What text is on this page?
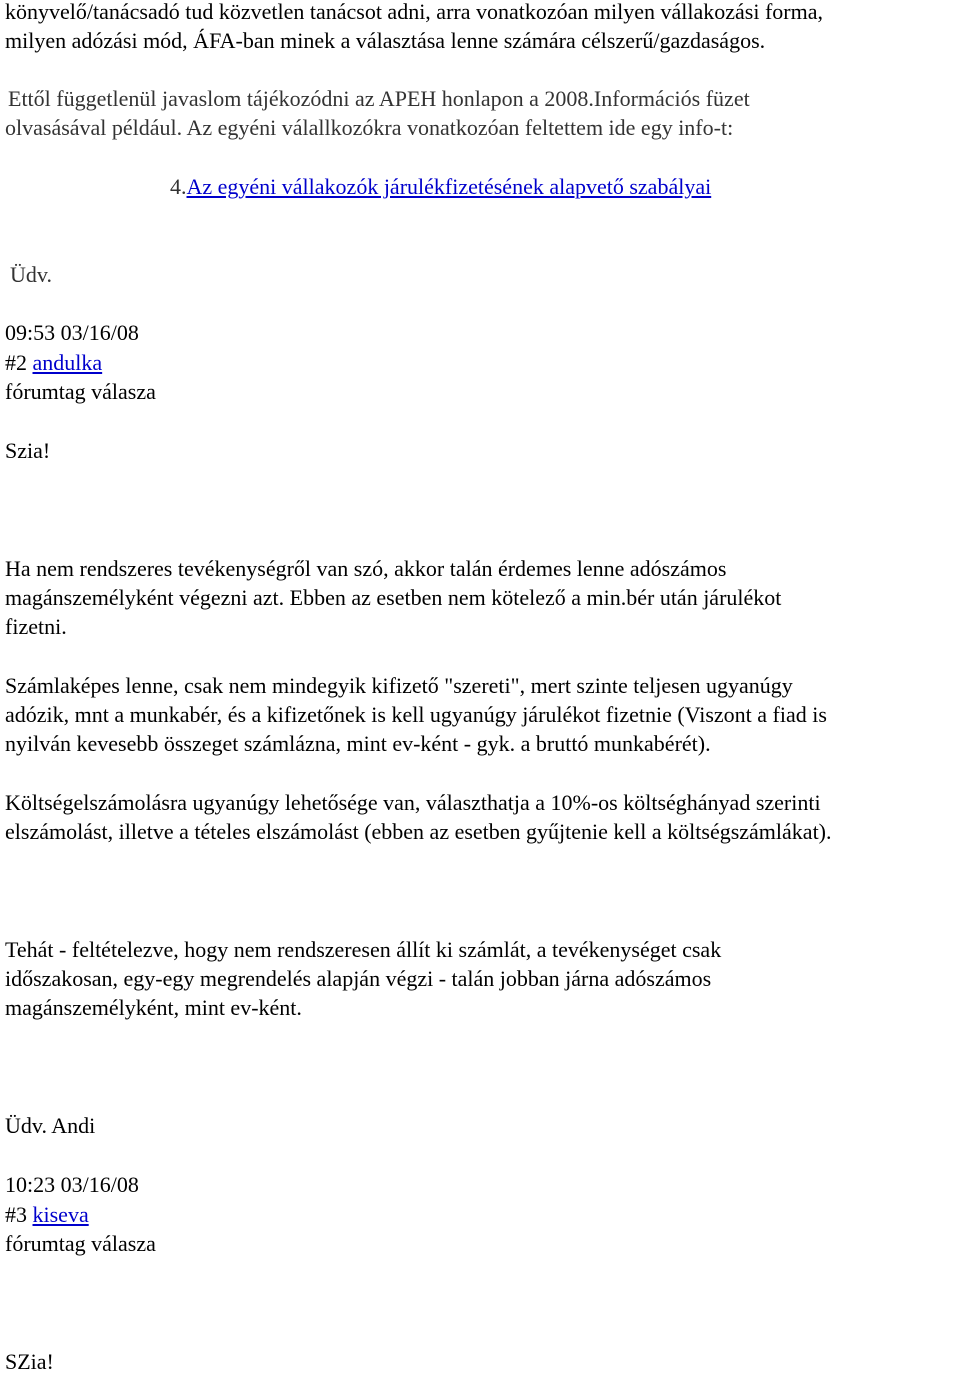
könyvelő/tanácsadó tud közvetlen tanácsot adni, arra vonatkozóan milyen vállakozási forma,
milyen adózási mód, ÁFA-ban minek a választása lenne számára célszerű/gazdaságos.
Ettől függetlenül javaslom tájékozódni az APEH honlapon a 2008.Információs füzet
olvasásával például. Az egyéni válallkozókra vonatkozóan feltettem ide egy info-t:
4.Az egyéni vállakozók járulékfizetésének alapvető szabályai
Üdv.
09:53 03/16/08
#2 andulka
fórumtag válasza
Szia!
Ha nem rendszeres tevékenységről van szó, akkor talán érdemes lenne adószámos
magánszemélyként végezni azt. Ebben az esetben nem kötelező a min.bér után járulékot
fizetni.
Számlaképes lenne, csak nem mindegyik kifizető "szereti", mert szinte teljesen ugyanúgy
adózik, mnt a munkabér, és a kifizetőnek is kell ugyanúgy járulékot fizetnie (Viszont a fiad is
nyilván kevesebb összeget számlázna, mint ev-ként - gyk. a bruttó munkabérét).
Költségelszámolásra ugyanúgy lehetősége van, választhatja a 10%-os költséghányad szerinti
elszámolást, illetve a tételes elszámolást (ebben az esetben gyűjtenie kell a költségszámlákat).
Tehát - feltételezve, hogy nem rendszeresen állít ki számlát, a tevékenységet csak
időszakosan, egy-egy megrendelés alapján végzi - talán jobban járna adószámos
magánszemélyként, mint ev-ként.
Üdv. Andi
10:23 03/16/08
#3 kiseva
fórumtag válasza
SZia!
